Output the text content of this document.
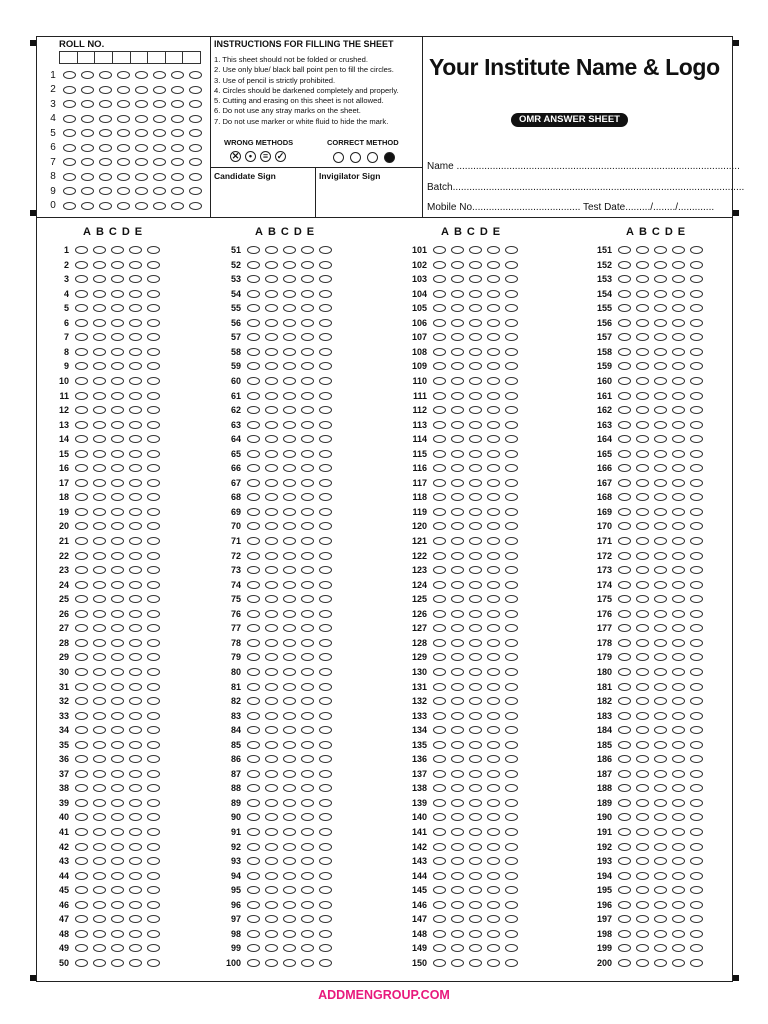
ROLL NO.
1
2
3
4
5
6
7
8
9
0
INSTRUCTIONS FOR FILLING THE SHEET
1. This sheet should not be folded or crushed.
2. Use only blue/ black ball point pen to fill the circles.
3. Use of pencil is strictly prohibited.
4. Circles should be darkened completely and properly.
5. Cutting and erasing on this sheet is not allowed.
6. Do not use any stray marks on the sheet.
7. Do not use marker or white fluid to hide the mark.
WRONG METHODS	CORRECT METHOD
✕	•	≡ ✓
Candidate Sign	Invigilator Sign
Your Institute Name & Logo
OMR ANSWER SHEET
Name ......................................................................................................
Batch.........................................................................................................
Mobile No....................................... Test Date........./......../.............
ABCDE
1
2
3
4
5
6
7
8
9
10
11
12
13
14
15
16
17
18
19
20
21
22
23
24
25
26
27
28
29
30
31
32
33
34
35
36
37
38
39
40
41
42
43
44
45
46
47
48
49
50
ABCDE
51
52
53
54
55
56
57
58
59
60
61
62
63
64
65
66
67
68
69
70
71
72
73
74
75
76
77
78
79
80
81
82
83
84
85
86
87
88
89
90
91
92
93
94
95
96
97
98
99
100
ABCDE
101
102
103
104
105
106
107
108
109
110
111
112
113
114
115
116
117
118
119
120
121
122
123
124
125
126
127
128
129
130
131
132
133
134
135
136
137
138
139
140
141
142
143
144
145
146
147
148
149
150
ABCDE
151
152
153
154
155
156
157
158
159
160
161
162
163
164
165
166
167
168
169
170
171
172
173
174
175
176
177
178
179
180
181
182
183
184
185
186
187
188
189
190
191
192
193
194
195
196
197
198
199
200
ADDMENGROUP.COM
